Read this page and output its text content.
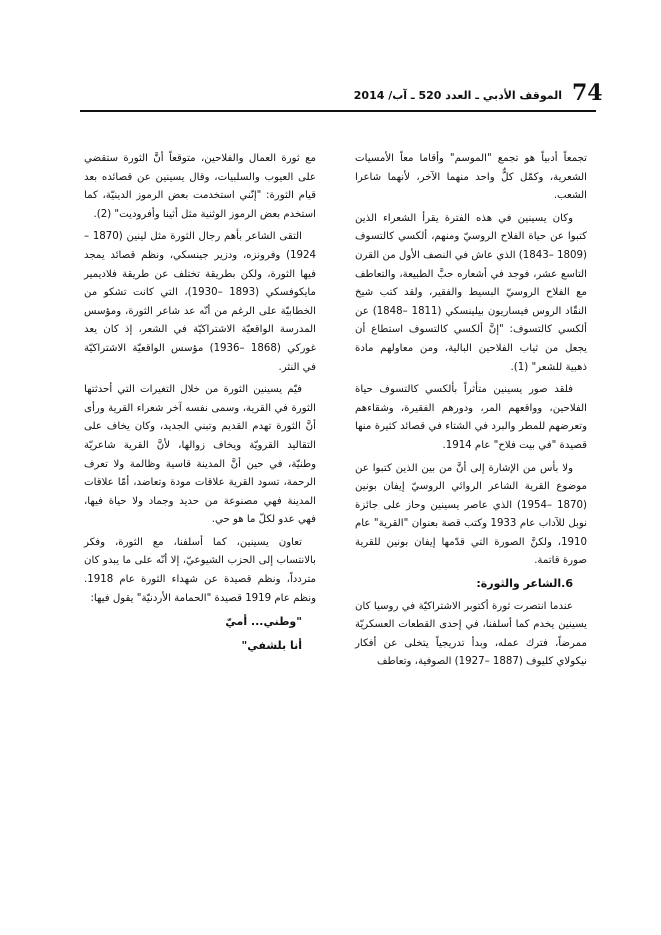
الموقف الأدبي ـ العدد 520 ـ آب/ 2014 74

تجمعاً أدبياً هو تجمع "الموسم" وأقاما معاً الأمسيات الشعرية، وكمّل كلٌّ واحد منهما الآخر، لأنهما شاعرا الشعب.

وكان يسينين في هذه الفترة يقرأ الشعراء الذين كتبوا عن حياة الفلاح الروسيّ ومنهم، ألكسي كالتسوف (1809 –1843) الذي عاش في النصف الأول من القرن التاسع عشر، فوجد في أشعاره حبَّ الطبيعة، والتعاطف مع الفلاح الروسيّ البسيط والفقير، ولقد كتب شيخ النقّاد الروس فيساريون بيلينسكي (1811 –1848) عن ألكسي كالتسوف: "إنَّ ألكسي كالتسوف استطاع أن يجعل من ثياب الفلاحين البالية، ومن معاولهم مادة ذهبية للشعر" (1).

فلقد صور يسينين متأثراً بألكسي كالتسوف حياة الفلاحين، وواقعهم المر، ودورهم الفقيرة، وشقاءهم وتعرضهم للمطر والبرد في الشتاء في قصائد كثيرة منها قصيدة "في بيت فلاح" عام 1914.

ولا بأس من الإشارة إلى أنَّ من بين الذين كتبوا عن موضوع القرية الشاعر الروائي الروسيّ إيفان بونين (1870 –1954) الذي عاصر يسينين وحاز على جائزة نوبل للآداب عام 1933 وكتب قصة بعنوان "القرية" عام 1910، ولكنَّ الصورة التي قدّمها إيفان بونين للقرية صورة قاتمة.

6.الشاعر والثورة:

عندما انتصرت ثورة أكتوبر الاشتراكيّة في روسيا كان يسينين يخدم كما أسلفنا، في إحدى القطعات العسكريّة ممرضاً، فترك عمله، وبدأ تدريجياً يتخلى عن أفكار نيكولاي كليوف (1887 –1927) الصوفية، وتعاطف

مع ثورة العمال والفلاحين، متوقعاً أنَّ الثورة ستقضي على العيوب والسلبيات، وقال يسينين عن قصائده بعد قيام الثورة: "إنّني استخدمت بعض الرموز الدينيّة، كما استخدم بعض الرموز الوثنية مثل أثينا وأفروديت" (2).

التقى الشاعر بأهم رجال الثورة مثل لينين (1870 –1924) وفرونزه، ودزير جينسكي، ونظم قصائد يمجد فيها الثورة، ولكن بطريقة تختلف عن طريقة فلاديمير مايكوفسكي (1893 –1930)، التي كانت تشكو من الخطابيّة على الرغم من أنّه عد شاعر الثورة، ومؤسس المدرسة الواقعيّة الاشتراكيّة في الشعر، إذ كان يعد غوركي (1868 –1936) مؤسس الواقعيّة الاشتراكيّة في النثر.

فيّم يسينين الثورة من خلال التغيرات التي أحدثتها الثورة في القرية، وسمى نفسه آخر شعراء القرية ورأى أنَّ الثورة تهدم القديم وتبني الجديد، وكان يخاف على التقاليد القرويّة ويخاف زوالها، لأنَّ القرية شاعريّة وطنيّة، في حين أنَّ المدينة قاسية وظالمة ولا تعرف الرحمة، تسود القرية علاقات مودة وتعاضد، أمّا علاقات المدينة فهي مصنوعة من حديد وجماد ولا حياة فيها، فهي عدو لكلّ ما هو حي.

تعاون يسينين، كما أسلفنا، مع الثورة، وفكر بالانتساب إلى الحزب الشيوعيّ، إلا أنّه على ما يبدو كان متردداً، ونظم قصيدة عن شهداء الثورة عام 1918. ونظم عام 1919 قصيدة "الحمامة الأردنيّة" يقول فيها:

"وطني... أميّ

أنا بلشفي"
